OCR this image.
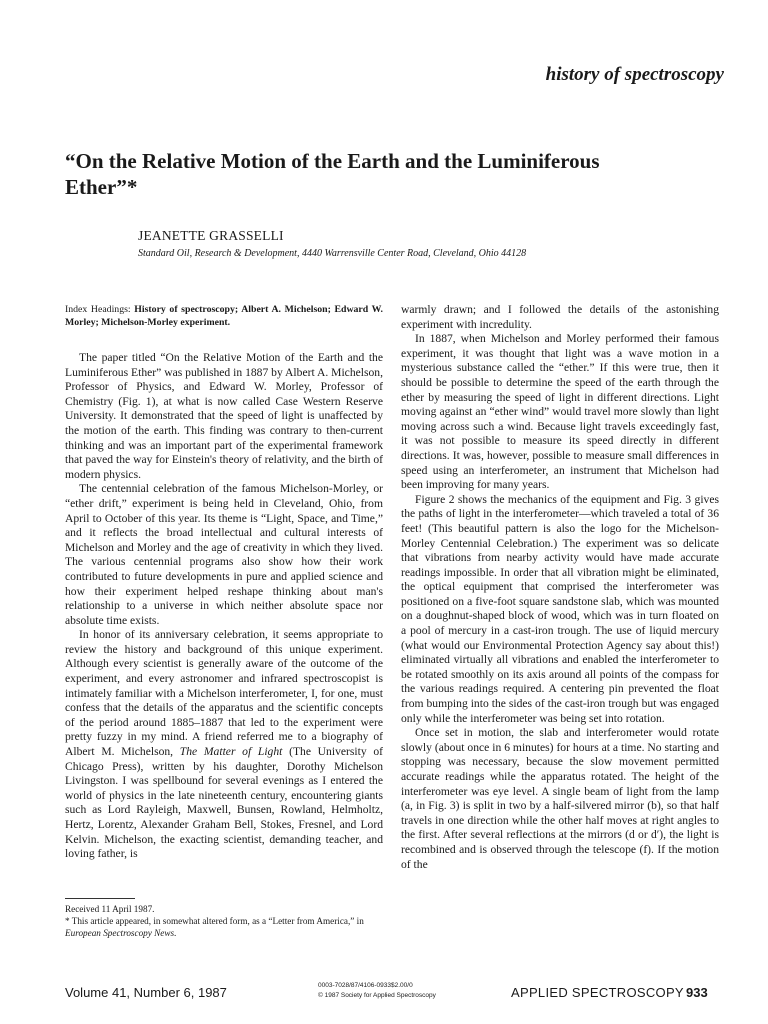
history of spectroscopy
“On the Relative Motion of the Earth and the Luminiferous Ether”*
JEANETTE GRASSELLI
Standard Oil, Research & Development, 4440 Warrensville Center Road, Cleveland, Ohio 44128

Index Headings: History of spectroscopy; Albert A. Michelson; Edward W. Morley; Michelson-Morley experiment.

The paper titled “On the Relative Motion of the Earth and the Luminiferous Ether” was published in 1887 by Albert A. Michelson, Professor of Physics, and Edward W. Morley, Professor of Chemistry (Fig. 1), at what is now called Case Western Reserve University. It demonstrated that the speed of light is unaffected by the motion of the earth. This finding was contrary to then-current thinking and was an important part of the experimental framework that paved the way for Einstein's theory of relativity, and the birth of modern physics.

The centennial celebration of the famous Michelson-Morley, or “ether drift,” experiment is being held in Cleveland, Ohio, from April to October of this year. Its theme is “Light, Space, and Time,” and it reflects the broad intellectual and cultural interests of Michelson and Morley and the age of creativity in which they lived. The various centennial programs also show how their work contributed to future developments in pure and applied science and how their experiment helped reshape thinking about man's relationship to a universe in which neither absolute space nor absolute time exists.

In honor of its anniversary celebration, it seems appropriate to review the history and background of this unique experiment. Although every scientist is generally aware of the outcome of the experiment, and every astronomer and infrared spectroscopist is intimately familiar with a Michelson interferometer, I, for one, must confess that the details of the apparatus and the scientific concepts of the period around 1885–1887 that led to the experiment were pretty fuzzy in my mind. A friend referred me to a biography of Albert M. Michelson, The Matter of Light (The University of Chicago Press), written by his daughter, Dorothy Michelson Livingston. I was spellbound for several evenings as I entered the world of physics in the late nineteenth century, encountering giants such as Lord Rayleigh, Maxwell, Bunsen, Rowland, Helmholtz, Hertz, Lorentz, Alexander Graham Bell, Stokes, Fresnel, and Lord Kelvin. Michelson, the exacting scientist, demanding teacher, and loving father, is

warmly drawn; and I followed the details of the astonishing experiment with incredulity.

In 1887, when Michelson and Morley performed their famous experiment, it was thought that light was a wave motion in a mysterious substance called the “ether.” If this were true, then it should be possible to determine the speed of the earth through the ether by measuring the speed of light in different directions. Light moving against an “ether wind” would travel more slowly than light moving across such a wind. Because light travels exceedingly fast, it was not possible to measure its speed directly in different directions. It was, however, possible to measure small differences in speed using an interferometer, an instrument that Michelson had been improving for many years.

Figure 2 shows the mechanics of the equipment and Fig. 3 gives the paths of light in the interferometer—which traveled a total of 36 feet! (This beautiful pattern is also the logo for the Michelson-Morley Centennial Celebration.) The experiment was so delicate that vibrations from nearby activity would have made accurate readings impossible. In order that all vibration might be eliminated, the optical equipment that comprised the interferometer was positioned on a five-foot square sandstone slab, which was mounted on a doughnut-shaped block of wood, which was in turn floated on a pool of mercury in a cast-iron trough. The use of liquid mercury (what would our Environmental Protection Agency say about this!) eliminated virtually all vibrations and enabled the interferometer to be rotated smoothly on its axis around all points of the compass for the various readings required. A centering pin prevented the float from bumping into the sides of the cast-iron trough but was engaged only while the interferometer was being set into rotation.

Once set in motion, the slab and interferometer would rotate slowly (about once in 6 minutes) for hours at a time. No starting and stopping was necessary, because the slow movement permitted accurate readings while the apparatus rotated. The height of the interferometer was eye level. A single beam of light from the lamp (a, in Fig. 3) is split in two by a half-silvered mirror (b), so that half travels in one direction while the other half moves at right angles to the first. After several reflections at the mirrors (d or d′), the light is recombined and is observed through the telescope (f). If the motion of the

Received 11 April 1987.
* This article appeared, in somewhat altered form, as a “Letter from America,” in European Spectroscopy News.
Volume 41, Number 6, 1987	0003-7028/87/4106-0933$2.00/0
© 1987 Society for Applied Spectroscopy	APPLIED SPECTROSCOPY 933
